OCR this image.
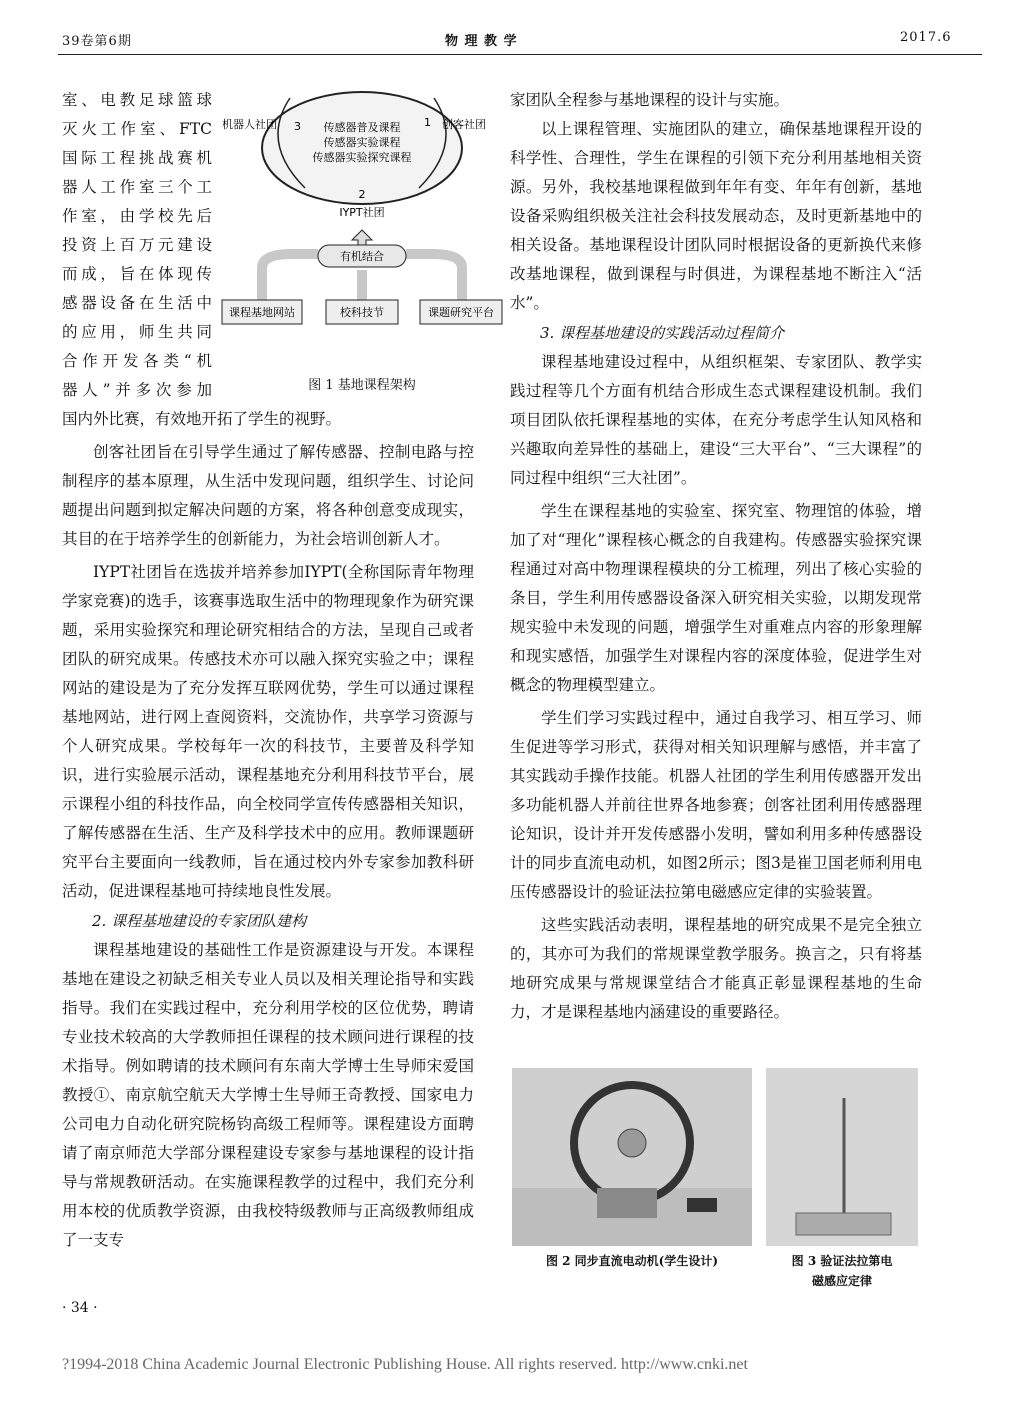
39卷第6期	物 理 教 学	2017.6
传感器普及课程
传感器实验课程
传感器实验探究课程
3	1
2
机器人社团	创客社团
IYPT社团
有机结合
课程基地网站	校科技节	课题研究平台
图 1 基地课程架构
室、电教足球篮球
灭火工作室、FTC
国际工程挑战赛机
器人工作室三个工
作室，由学校先后
投资上百万元建设
而成，旨在体现传
感器设备在生活中
的应用，师生共同
合作开发各类“机
器人”并多次参加

国内外比赛，有效地开拓了学生的视野。

创客社团旨在引导学生通过了解传感器、控制电路与控制程序的基本原理，从生活中发现问题，组织学生、讨论问题提出问题到拟定解决问题的方案，将各种创意变成现实，其目的在于培养学生的创新能力，为社会培训创新人才。

IYPT社团旨在选拔并培养参加IYPT(全称国际青年物理学家竞赛)的选手，该赛事选取生活中的物理现象作为研究课题，采用实验探究和理论研究相结合的方法，呈现自己或者团队的研究成果。传感技术亦可以融入探究实验之中；课程网站的建设是为了充分发挥互联网优势，学生可以通过课程基地网站，进行网上查阅资料，交流协作，共享学习资源与个人研究成果。学校每年一次的科技节，主要普及科学知识，进行实验展示活动，课程基地充分利用科技节平台，展示课程小组的科技作品，向全校同学宣传传感器相关知识，了解传感器在生活、生产及科学技术中的应用。教师课题研究平台主要面向一线教师，旨在通过校内外专家参加教科研活动，促进课程基地可持续地良性发展。

2. 课程基地建设的专家团队建构

课程基地建设的基础性工作是资源建设与开发。本课程基地在建设之初缺乏相关专业人员以及相关理论指导和实践指导。我们在实践过程中，充分利用学校的区位优势，聘请专业技术较高的大学教师担任课程的技术顾问进行课程的技术指导。例如聘请的技术顾问有东南大学博士生导师宋爱国教授①、南京航空航天大学博士生导师王奇教授、国家电力公司电力自动化研究院杨钧高级工程师等。课程建设方面聘请了南京师范大学部分课程建设专家参与基地课程的设计指导与常规教研活动。在实施课程教学的过程中，我们充分利用本校的优质教学资源，由我校特级教师与正高级教师组成了一支专

家团队全程参与基地课程的设计与实施。

以上课程管理、实施团队的建立，确保基地课程开设的科学性、合理性，学生在课程的引领下充分利用基地相关资源。另外，我校基地课程做到年年有变、年年有创新，基地设备采购组织极关注社会科技发展动态，及时更新基地中的相关设备。基地课程设计团队同时根据设备的更新换代来修改基地课程，做到课程与时俱进，为课程基地不断注入“活水”。

3. 课程基地建设的实践活动过程简介

课程基地建设过程中，从组织框架、专家团队、教学实践过程等几个方面有机结合形成生态式课程建设机制。我们项目团队依托课程基地的实体，在充分考虑学生认知风格和兴趣取向差异性的基础上，建设“三大平台”、“三大课程”的同过程中组织“三大社团”。

学生在课程基地的实验室、探究室、物理馆的体验，增加了对“理化”课程核心概念的自我建构。传感器实验探究课程通过对高中物理课程模块的分工梳理，列出了核心实验的条目，学生利用传感器设备深入研究相关实验，以期发现常规实验中未发现的问题，增强学生对重难点内容的形象理解和现实感悟，加强学生对课程内容的深度体验，促进学生对概念的物理模型建立。

学生们学习实践过程中，通过自我学习、相互学习、师生促进等学习形式，获得对相关知识理解与感悟，并丰富了其实践动手操作技能。机器人社团的学生利用传感器开发出多功能机器人并前往世界各地参赛；创客社团利用传感器理论知识，设计并开发传感器小发明，譬如利用多种传感器设计的同步直流电动机，如图2所示；图3是崔卫国老师利用电压传感器设计的验证法拉第电磁感应定律的实验装置。

这些实践活动表明，课程基地的研究成果不是完全独立的，其亦可为我们的常规课堂教学服务。换言之，只有将基地研究成果与常规课堂结合才能真正彰显课程基地的生命力，才是课程基地内涵建设的重要路径。

图 2 同步直流电动机(学生设计)	图 3 验证法拉第电
磁感应定律
· 34 ·
?1994-2018 China Academic Journal Electronic Publishing House. All rights reserved. http://www.cnki.net
